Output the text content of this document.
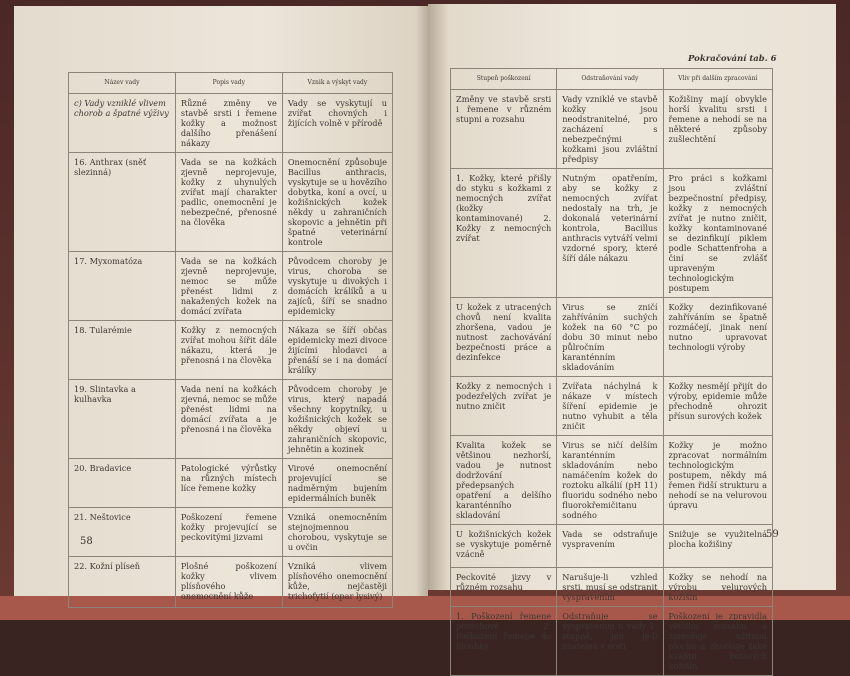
Název vady	Popis vady	Vznik a výskyt vady
c) Vady vzniklé vlivem chorob a špatné výživy	Různé změny ve stavbě srsti i řemene kožky a možnost dalšího přenášení nákazy	Vady se vyskytují u zvířat chovných i žijících volně v přírodě
16. Anthrax (sněť slezinná)	Vada se na kožkách zjevně neprojevuje, kožky z uhynulých zvířat mají charakter padlic, onemocnění je nebezpečné, přenosné na člověka	Onemocnění způsobuje Bacillus anthracis, vyskytuje se u hovězího dobytka, koní a ovcí, u kožišnických kožek někdy u zahraničních skopovic a jehnětin při špatné veterinární kontrole
17. Myxomatóza	Vada se na kožkách zjevně neprojevuje, nemoc se může přenést lidmi z nakažených kožek na domácí zvířata	Původcem choroby je virus, choroba se vyskytuje u divokých i domácích králíků a u zajíců, šíří se snadno epidemicky
18. Tularémie	Kožky z nemocných zvířat mohou šířit dále nákazu, která je přenosná i na člověka	Nákaza se šíří občas epidemicky mezi divoce žijícími hlodavci a přenáší se i na domácí králíky
19. Slintavka a kulhavka	Vada není na kožkách zjevná, nemoc se může přenést lidmi na domácí zvířata a je přenosná i na člověka	Původcem choroby je virus, který napadá všechny kopytníky, u kožišnických kožek se někdy objeví u zahraničních skopovic, jehnětin a kozinek
20. Bradavice	Patologické výrůstky na různých místech líce řemene kožky	Virové onemocnění projevující se nadměrným bujením epidermálních buněk
21. Neštovice	Poškození řemene kožky projevující se peckovitými jizvami	Vzniká onemocněním stejnojmennou chorobou, vyskytuje se u ovčin
22. Kožní plíseň	Plošné poškození kožky vlivem plísňového onemocnění kůže	Vzniká vlivem plísňového onemocnění kůže, nejčastěji trichofytií (opar lysivý)
58
Pokračování tab. 6
Stupeň poškození	Odstraňování vady	Vliv při dalším zpracování
Změny ve stavbě srsti i řemene v různém stupni a rozsahu	Vady vzniklé ve stavbě kožky jsou neodstranitelné, pro zacházení s nebezpečnými kožkami jsou zvláštní předpisy	Kožišiny mají obvykle horší kvalitu srsti i řemene a nehodí se na některé způsoby zušlechtění
1. Kožky, které přišly do styku s kožkami z nemocných zvířat (kožky kontaminované) 2. Kožky z nemocných zvířat	Nutným opatřením, aby se kožky z nemocných zvířat nedostaly na trh, je dokonalá veterinární kontrola, Bacillus anthracis vytváří velmi vzdorné spory, které šíří dále nákazu	Pro práci s kožkami jsou zvláštní bezpečnostní předpisy, kožky z nemocných zvířat je nutno zničit, kožky kontaminované se dezinfikují piklem podle Schattenfroha a činí se zvlášť upraveným technologickým postupem
U kožek z utracených chovů není kvalita zhoršena, vadou je nutnost zachovávání bezpečnosti práce a dezinfekce	Virus se zničí zahříváním suchých kožek na 60 °C po dobu 30 minut nebo půlročním karanténním skladováním	Kožky dezinfikované zahříváním se špatně rozmáčejí, jinak není nutno upravovat technologii výroby
Kožky z nemocných i podezřelých zvířat je nutno zničit	Zvířata náchylná k nákaze v místech šíření epidemie je nutno vyhubit a těla zničit	Kožky nesmějí přijít do výroby, epidemie může přechodně ohrozit přísun surových kožek
Kvalita kožek se většinou nezhorší, vadou je nutnost dodržování předepsaných opatření a delšího karanténního skladování	Virus se ničí delším karanténním skladováním nebo namáčením kožek do roztoku alkálií (pH 11) fluoridu sodného nebo fluorokřemičitanu sodného	Kožky je možno zpracovat normálním technologickým postupem, někdy má řemen řidší strukturu a nehodí se na velurovou úpravu
U kožišnických kožek se vyskytuje poměrně vzácně	Vada se odstraňuje vyspravením	Snižuje se využitelná plocha kožišiny
Peckovité jizvy v různém rozsahu	Narušuje-li vzhled srsti, musí se odstranit vyspravením	Kožky se nehodí na výrobu velurových kožišin
1. Poškození řemene povrchové 2. Poškození řemene do hloubky	Odstraňuje se vyspravením u vady 1. stupně, jen je-li znatelná v srsti	Poškození je zpravidla většího rozsahu a zmenšuje užitnou plochu a zhoršuje také kvalitu hotových kožišin
59
